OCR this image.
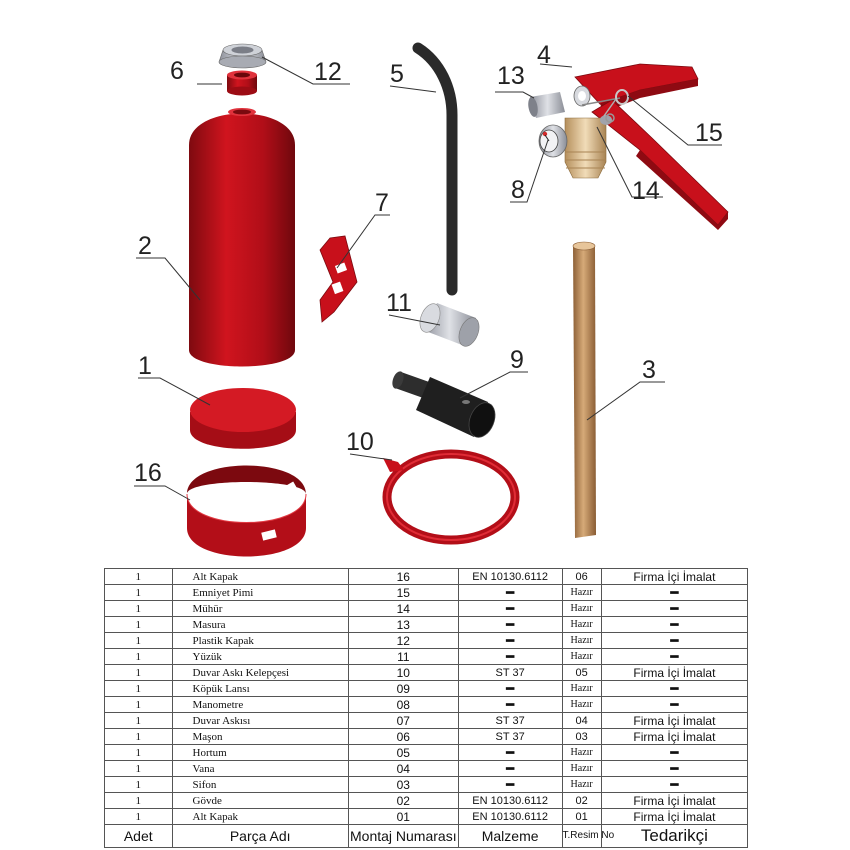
1
2
3
4
5
6
7	8
9
10
11
12	13
14
15
16
1	Alt Kapak	16	EN 10130.6112	06	Firma İçi İmalat
1	Emniyet Pimi	15	━	Hazır	━
1	Mühür	14	━	Hazır	━
1	Masura	13	━	Hazır	━
1	Plastik Kapak	12	━	Hazır	━
1	Yüzük	11	━	Hazır	━
1	Duvar Askı Kelepçesi	10	ST 37	05	Firma İçi İmalat
1	Köpük Lansı	09	━	Hazır	━
1	Manometre	08	━	Hazır	━
1	Duvar Askısı	07	ST 37	04	Firma İçi İmalat
1	Maşon	06	ST 37	03	Firma İçi İmalat
1	Hortum	05	━	Hazır	━
1	Vana	04	━	Hazır	━
1	Sifon	03	━	Hazır	━
1	Gövde	02	EN 10130.6112	02	Firma İçi İmalat
1	Alt Kapak	01	EN 10130.6112	01	Firma İçi İmalat
Adet	Parça Adı	Montaj Numarası	Malzeme	T.Resim No	Tedarikçi
